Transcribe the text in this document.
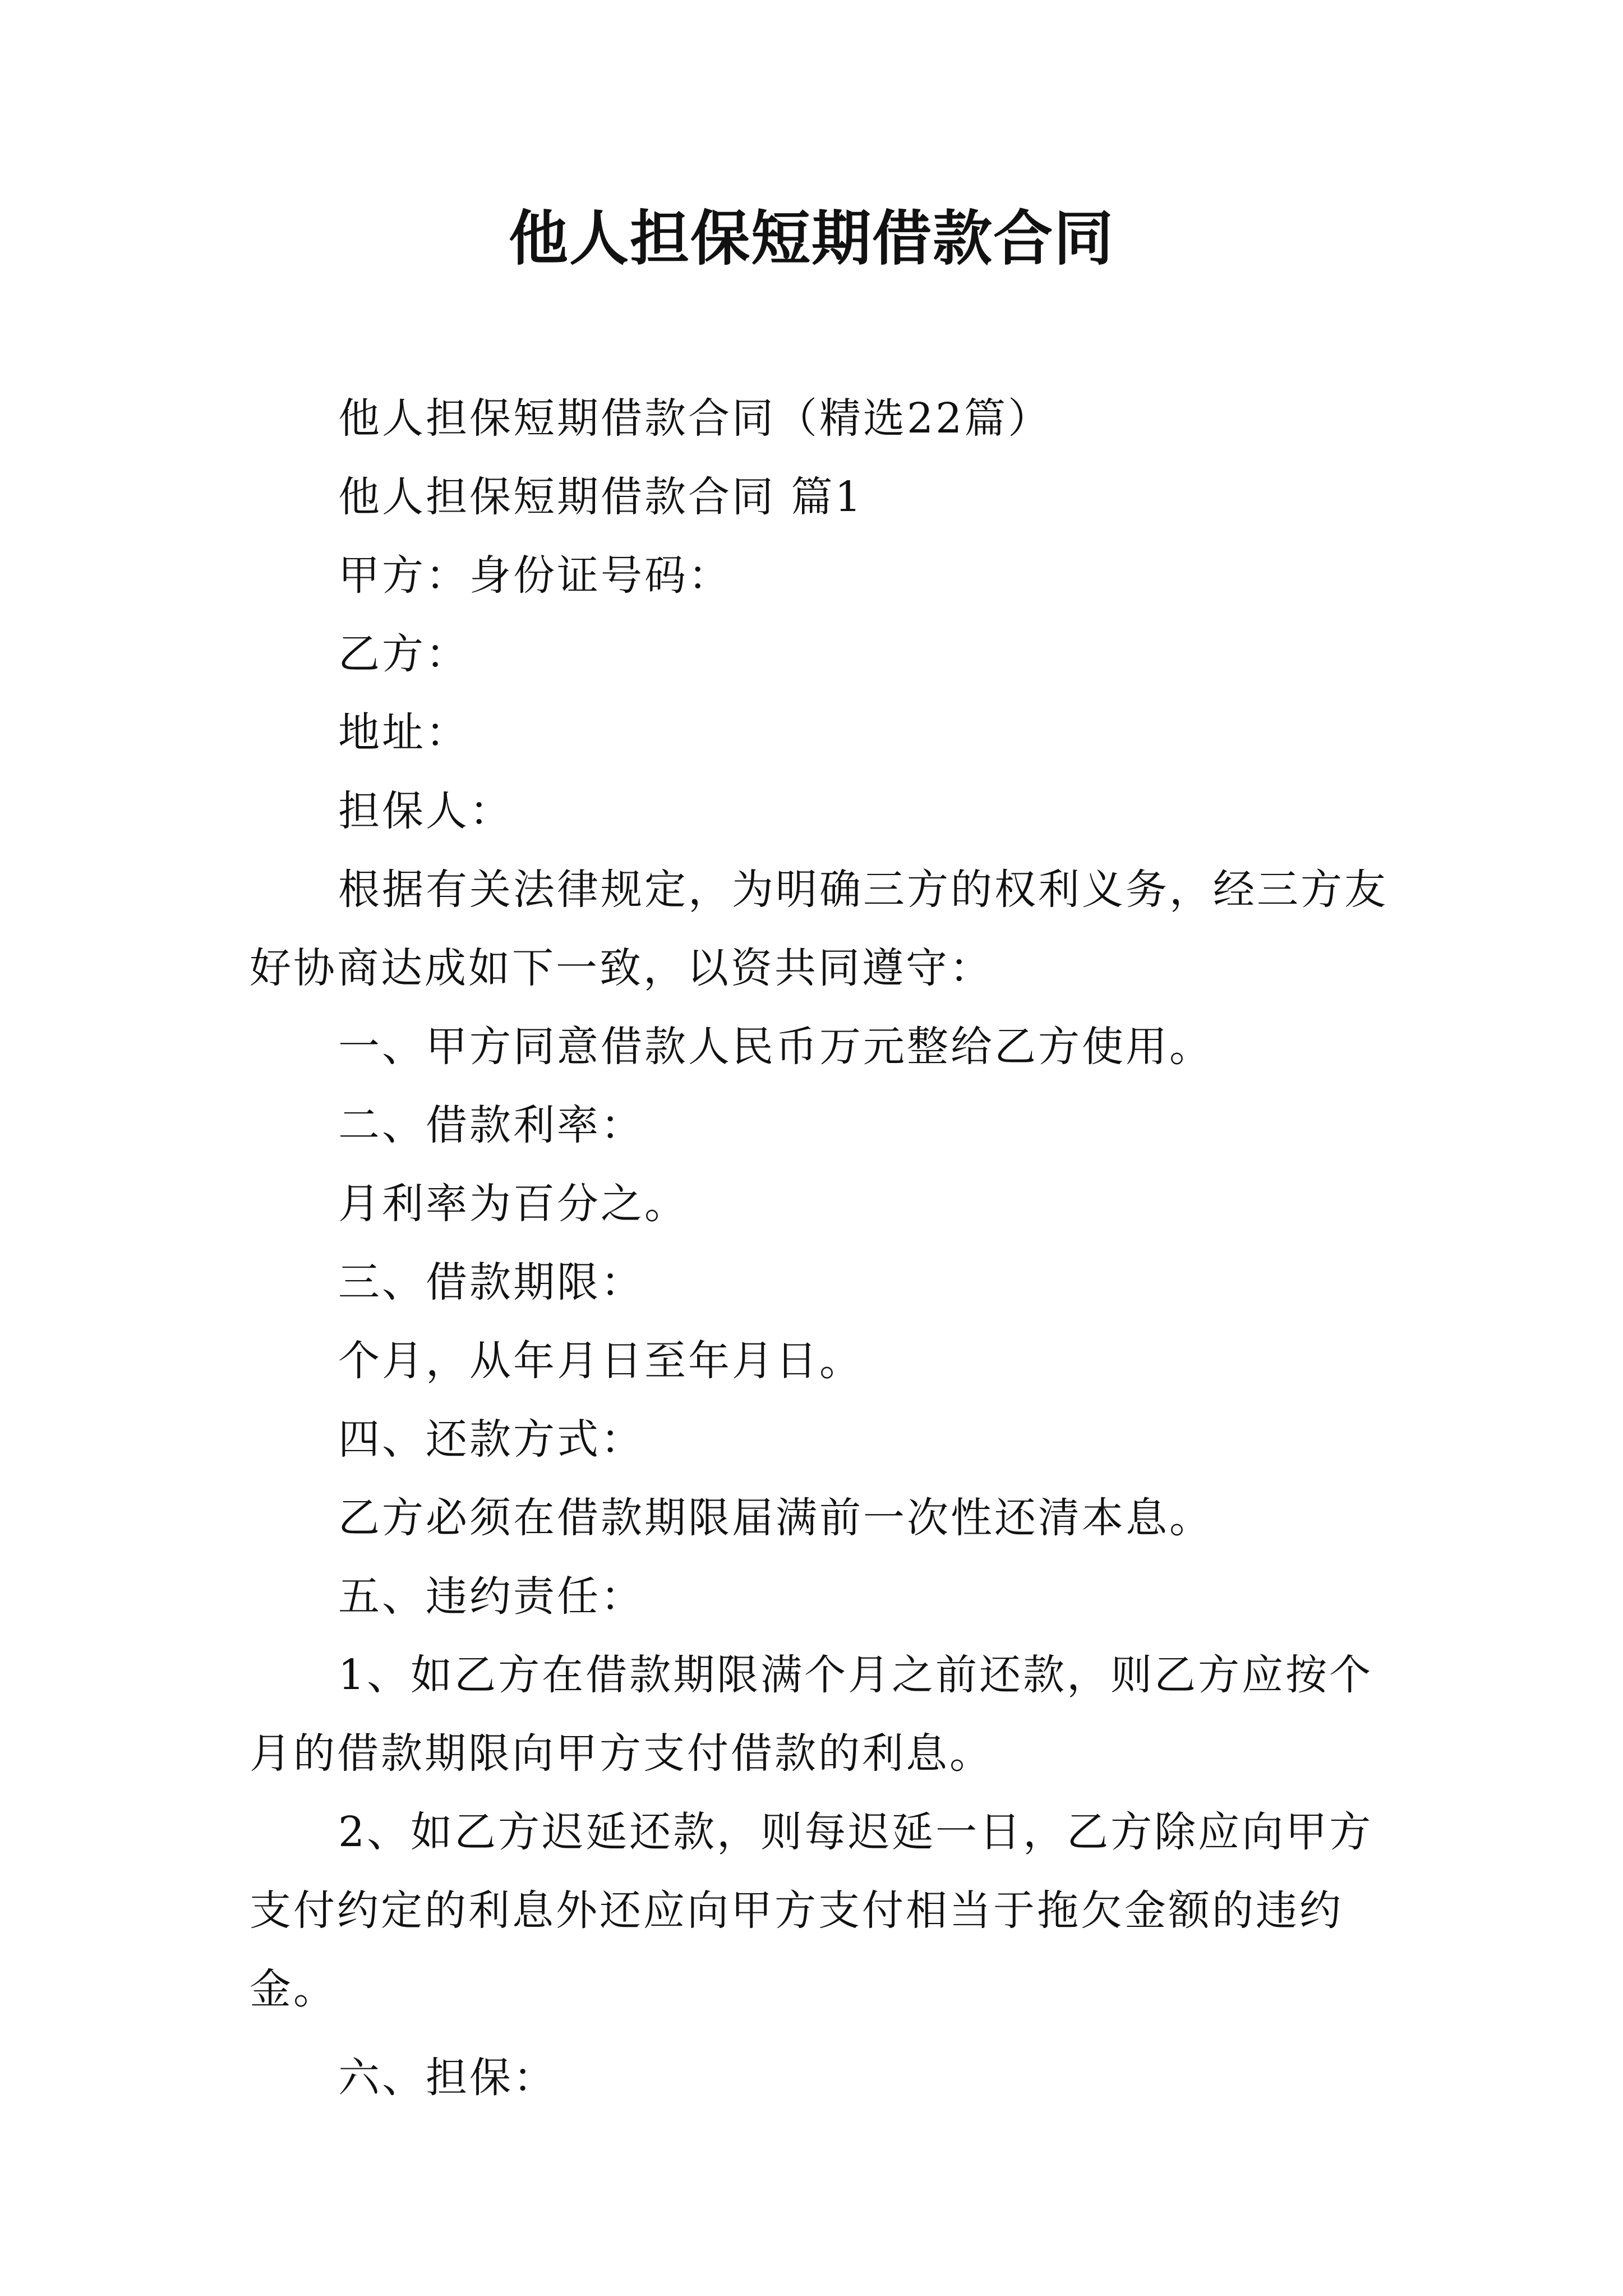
他人担保短期借款合同

他人担保短期借款合同（精选22篇）

他人担保短期借款合同 篇1

甲方：身份证号码：

乙方：

地址：

担保人：

根据有关法律规定，为明确三方的权利义务，经三方友好协商达成如下一致，以资共同遵守：

一、甲方同意借款人民币万元整给乙方使用。

二、借款利率：

月利率为百分之。

三、借款期限：

个月，从年月日至年月日。

四、还款方式：

乙方必须在借款期限届满前一次性还清本息。

五、违约责任：

1、如乙方在借款期限满个月之前还款，则乙方应按个月的借款期限向甲方支付借款的利息。

2、如乙方迟延还款，则每迟延一日，乙方除应向甲方支付约定的利息外还应向甲方支付相当于拖欠金额的违约金。

六、担保：
